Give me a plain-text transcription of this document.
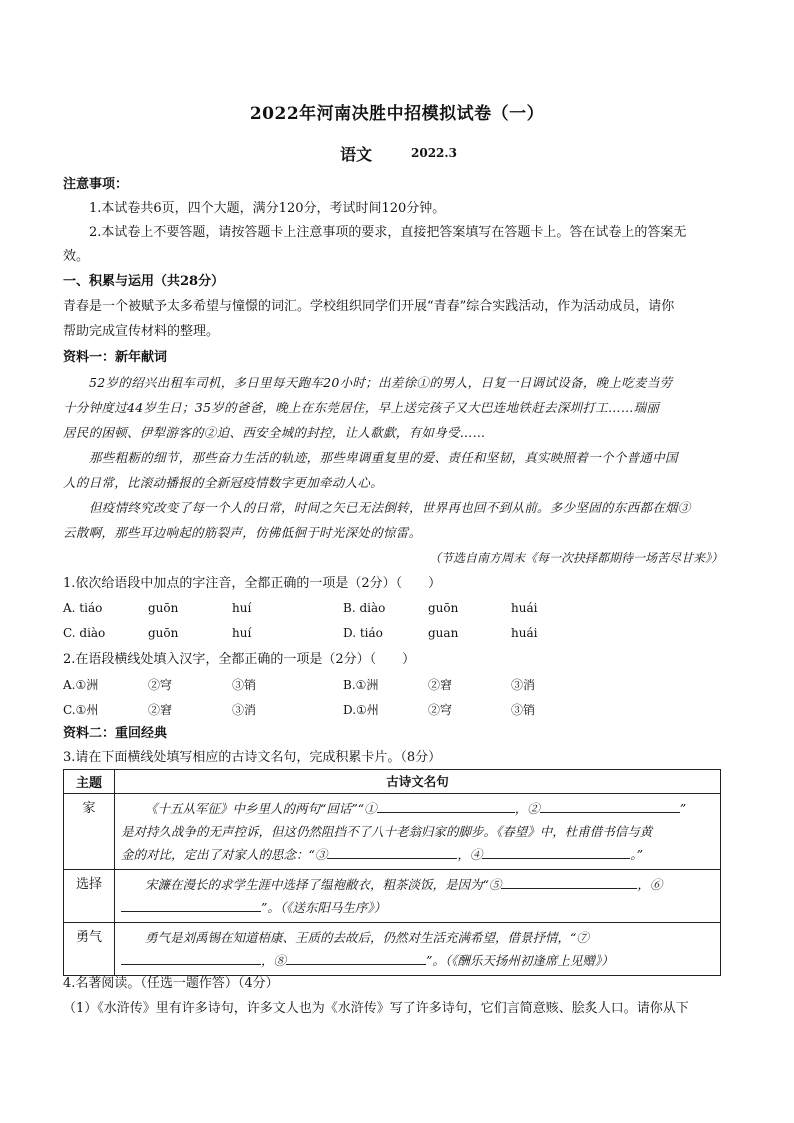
2022年河南决胜中招模拟试卷（一）
语文	2022.3
注意事项：
1.本试卷共6页，四个大题，满分120分，考试时间120分钟。
2.本试卷上不要答题，请按答题卡上注意事项的要求，直接把答案填写在答题卡上。答在试卷上的答案无
效。
一、积累与运用（共28分）
青春是一个被赋予太多希望与憧憬的词汇。学校组织同学们开展“青春”综合实践活动，作为活动成员，请你
帮助完成宣传材料的整理。
资料一：新年献词
52岁的绍兴出租车司机，多日里每天跑车20小时；出差徐①的男人，日复一日调试设备，晚上吃麦当劳
十分钟度过44岁生日；35岁的爸爸，晚上在东莞居住，早上送完孩子又大巴连地铁赶去深圳打工……瑞丽
居民的困顿、伊犁游客的②迫、西安全城的封控，让人欷歔，有如身受……
那些粗粝的细节，那些奋力生活的轨迹，那些卑调重复里的爱、责任和坚韧，真实映照着一个个普通中国
人的日常，比滚动播报的全新冠疫情数字更加牵动人心。
但疫情终究改变了每一个人的日常，时间之矢已无法倒转，世界再也回不到从前。多少坚固的东西都在烟③
云散啊，那些耳边响起的筋裂声，仿佛低徊于时光深处的惊雷。
（节选自南方周末《每一次抉择都期待一场苦尽甘来》）
1.依次给语段中加点的字注音，全都正确的一项是（2分）（　　）
A. tiáo	guōn	huí	B. diào	guōn	huái
C. diào	guōn	huí	D. tiáo	guan	huái
2.在语段横线处填入汉字，全都正确的一项是（2分）（　　）
A.①洲	②穹	③销	B.①洲	②窘	③消
C.①州	②窘	③消	D.①州	②穹	③销
资料二：重回经典
3.请在下面横线处填写相应的古诗文名句，完成积累卡片。（8分）
主题	古诗文名句
家	《十五从军征》中乡里人的两句“回话”“① ，② ”
是对持久战争的无声控诉，但这仍然阻挡不了八十老翁归家的脚步。《春望》中，杜甫借书信与黄
金的对比，定出了对家人的思念：“③ ，④ 。”

选择	宋濂在漫长的求学生涯中选择了缊袍敝衣，粗茶淡饭，是因为“⑤ ，⑥
”。（《送东阳马生序》）

勇气	勇气是刘禹锡在知道梧康、王质的去故后，仍然对生活充满希望，借景抒情，“⑦
，⑧ ”。（《酬乐天扬州初逢席上见赠》）
4.名著阅读。（任选一题作答）（4分）
（1）《水浒传》里有许多诗句，许多文人也为《水浒传》写了许多诗句，它们言简意赅、脍炙人口。请你从下
